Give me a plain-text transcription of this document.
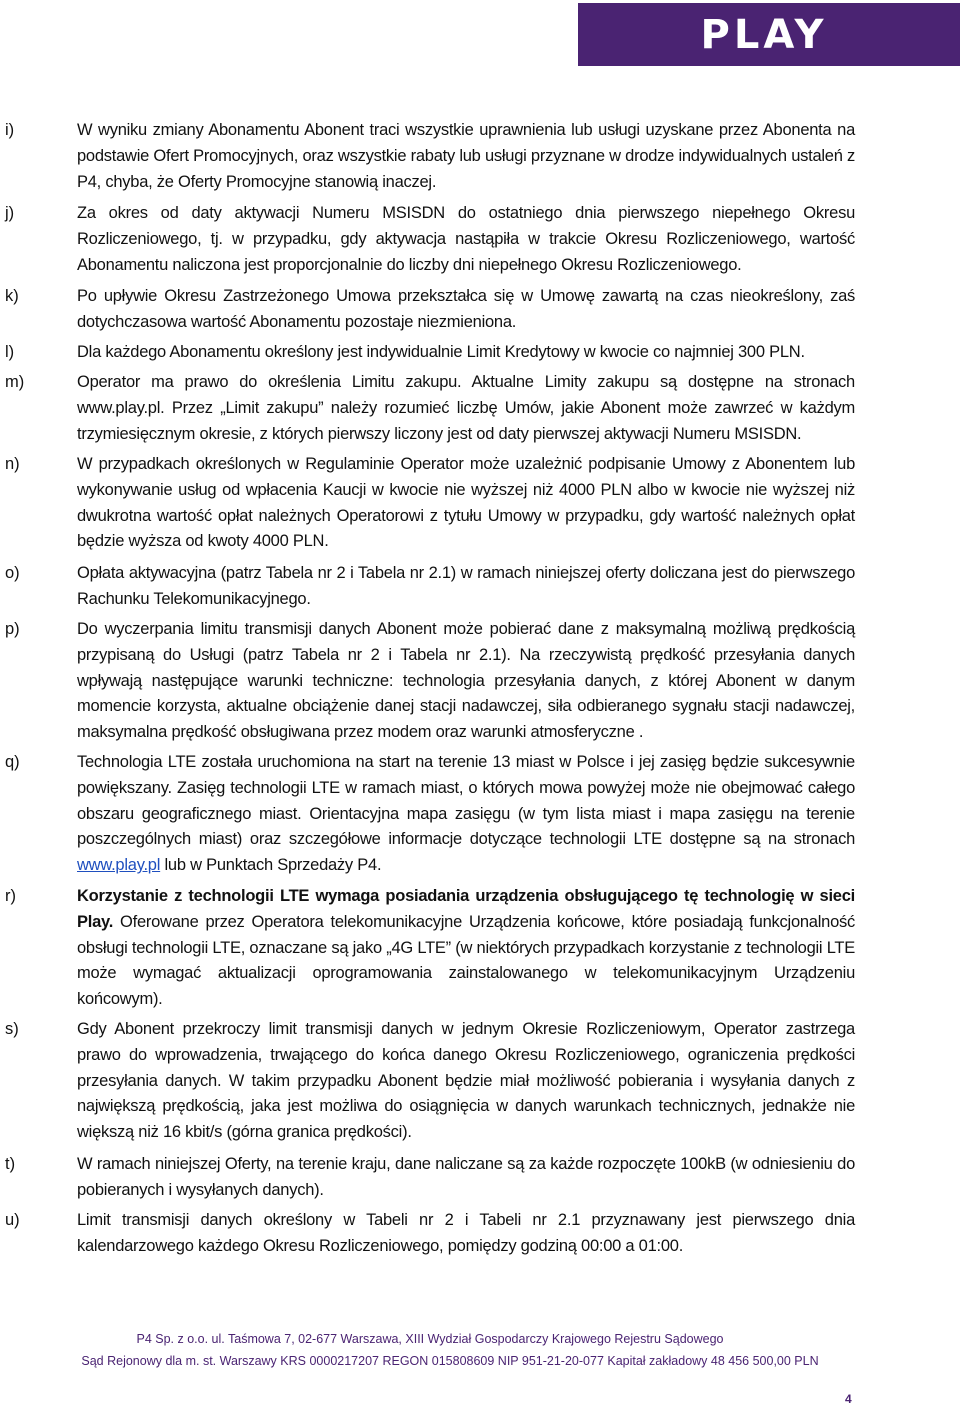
PLAY
i)	W wyniku zmiany Abonamentu Abonent traci wszystkie uprawnienia lub usługi uzyskane przez Abonenta na podstawie Ofert Promocyjnych, oraz wszystkie rabaty lub usługi przyznane w drodze indywidualnych ustaleń z P4, chyba, że Oferty Promocyjne stanowią inaczej.

j)	Za okres od daty aktywacji Numeru MSISDN do ostatniego dnia pierwszego niepełnego Okresu Rozliczeniowego, tj. w przypadku, gdy aktywacja nastąpiła w trakcie Okresu Rozliczeniowego, wartość Abonamentu naliczona jest proporcjonalnie do liczby dni niepełnego Okresu Rozliczeniowego.

k)	Po upływie Okresu Zastrzeżonego Umowa przekształca się w Umowę zawartą na czas nieokreślony, zaś dotychczasowa wartość Abonamentu pozostaje niezmieniona.

l)	Dla każdego Abonamentu określony jest indywidualnie Limit Kredytowy w kwocie co najmniej 300 PLN.

m)	Operator ma prawo do określenia Limitu zakupu. Aktualne Limity zakupu są dostępne na stronach www.play.pl. Przez „Limit zakupu” należy rozumieć liczbę Umów, jakie Abonent może zawrzeć w każdym trzymiesięcznym okresie, z których pierwszy liczony jest od daty pierwszej aktywacji Numeru MSISDN.

n)	W przypadkach określonych w Regulaminie Operator może uzależnić podpisanie Umowy z Abonentem lub wykonywanie usług od wpłacenia Kaucji w kwocie nie wyższej niż 4000 PLN albo w kwocie nie wyższej niż dwukrotna wartość opłat należnych Operatorowi z tytułu Umowy w przypadku, gdy wartość należnych opłat będzie wyższa od kwoty 4000 PLN.

o)	Opłata aktywacyjna (patrz Tabela nr 2 i Tabela nr 2.1) w ramach niniejszej oferty doliczana jest do pierwszego Rachunku Telekomunikacyjnego.

p)	Do wyczerpania limitu transmisji danych Abonent może pobierać dane z maksymalną możliwą prędkością przypisaną do Usługi (patrz Tabela nr 2 i Tabela nr 2.1). Na rzeczywistą prędkość przesyłania danych wpływają następujące warunki techniczne: technologia przesyłania danych, z której Abonent w danym momencie korzysta, aktualne obciążenie danej stacji nadawczej, siła odbieranego sygnału stacji nadawczej, maksymalna prędkość obsługiwana przez modem oraz warunki atmosferyczne .

q)	Technologia LTE została uruchomiona na start na terenie 13 miast w Polsce i jej zasięg będzie sukcesywnie powiększany. Zasięg technologii LTE w ramach miast, o których mowa powyżej może nie obejmować całego obszaru geograficznego miast. Orientacyjna mapa zasięgu (w tym lista miast i mapa zasięgu na terenie poszczególnych miast) oraz szczegółowe informacje dotyczące technologii LTE dostępne są na stronach www.play.pl lub w Punktach Sprzedaży P4.

r)	Korzystanie z technologii LTE wymaga posiadania urządzenia obsługującego tę technologię w sieci Play. Oferowane przez Operatora telekomunikacyjne Urządzenia końcowe, które posiadają funkcjonalność obsługi technologii LTE, oznaczane są jako „4G LTE” (w niektórych przypadkach korzystanie z technologii LTE może wymagać aktualizacji oprogramowania zainstalowanego w telekomunikacyjnym Urządzeniu końcowym).

s)	Gdy Abonent przekroczy limit transmisji danych w jednym Okresie Rozliczeniowym, Operator zastrzega prawo do wprowadzenia, trwającego do końca danego Okresu Rozliczeniowego, ograniczenia prędkości przesyłania danych. W takim przypadku Abonent będzie miał możliwość pobierania i wysyłania danych z największą prędkością, jaka jest możliwa do osiągnięcia w danych warunkach technicznych, jednakże nie większą niż 16 kbit/s (górna granica prędkości).

t)	W ramach niniejszej Oferty, na terenie kraju, dane naliczane są za każde rozpoczęte 100kB (w odniesieniu do pobieranych i wysyłanych danych).

u)	Limit transmisji danych określony w Tabeli nr 2 i Tabeli nr 2.1 przyznawany jest pierwszego dnia kalendarzowego każdego Okresu Rozliczeniowego, pomiędzy godziną 00:00 a 01:00.

P4 Sp. z o.o. ul. Taśmowa 7, 02-677 Warszawa, XIII Wydział Gospodarczy Krajowego Rejestru Sądowego
Sąd Rejonowy dla m. st. Warszawy KRS 0000217207 REGON 015808609 NIP 951-21-20-077 Kapitał zakładowy 48 456 500,00 PLN
4
